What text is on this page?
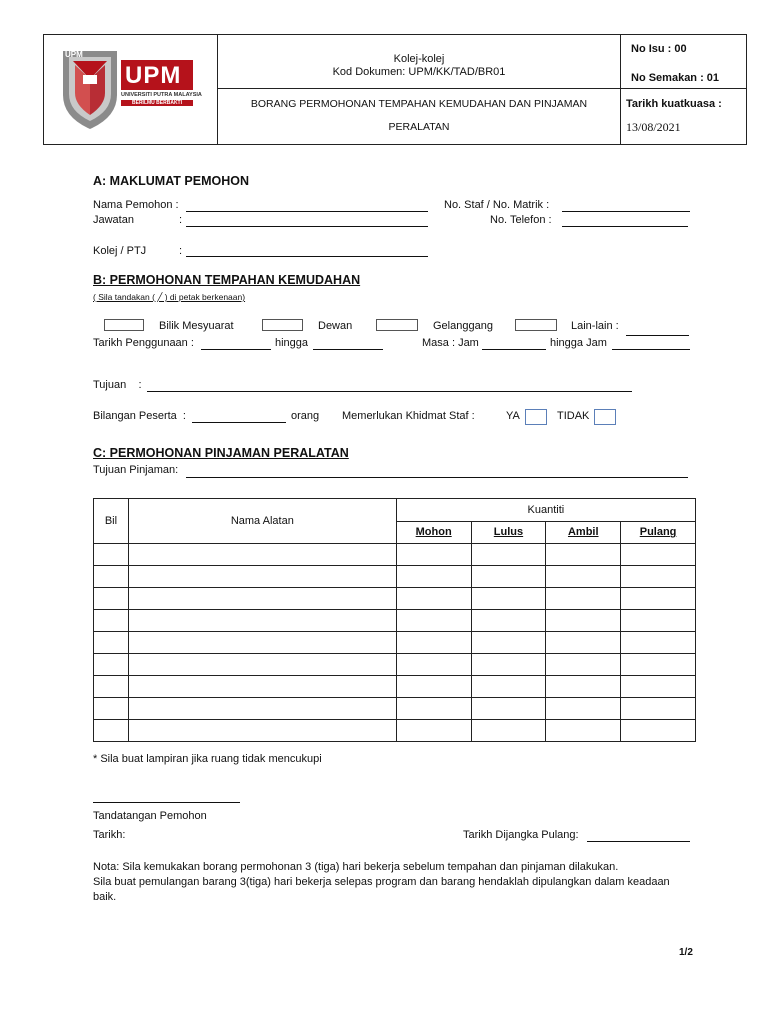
UPM
UPM
UNIVERSITI PUTRA MALAYSIA
BERILMU BERBAKTI
Kolej-kolej
Kod Dokumen: UPM/KK/TAD/BR01
BORANG PERMOHONAN TEMPAHAN KEMUDAHAN DAN PINJAMAN
PERALATAN
No Isu : 00
No Semakan : 01
Tarikh kuatkuasa :
13/08/2021
A: MAKLUMAT PEMOHON
Nama Pemohon :	No. Staf / No. Matrik :
Jawatan	:	No. Telefon :
Kolej / PTJ	:
B: PERMOHONAN TEMPAHAN KEMUDAHAN
( Sila tandakan ( ╱ ) di petak berkenaan)
Bilik Mesyuarat	Dewan	Gelanggang	Lain-lain :
Tarikh Penggunaan :	hingga	Masa : Jam	hingga Jam
Tujuan    :
Bilangan Peserta  :	orang Memerlukan Khidmat Staf :	YA	TIDAK
C: PERMOHONAN PINJAMAN PERALATAN
Tujuan Pinjaman:
Bil	Nama Alatan	Kuantiti			
		Mohon	Lulus	Ambil	Pulang

* Sila buat lampiran jika ruang tidak mencukupi
Tandatangan Pemohon
Tarikh:	Tarikh Dijangka Pulang:
Nota: Sila kemukakan borang permohonan 3 (tiga) hari bekerja sebelum tempahan dan pinjaman dilakukan.
Sila buat pemulangan barang 3(tiga) hari bekerja selepas program dan barang hendaklah dipulangkan dalam keadaan
baik.
1/2
